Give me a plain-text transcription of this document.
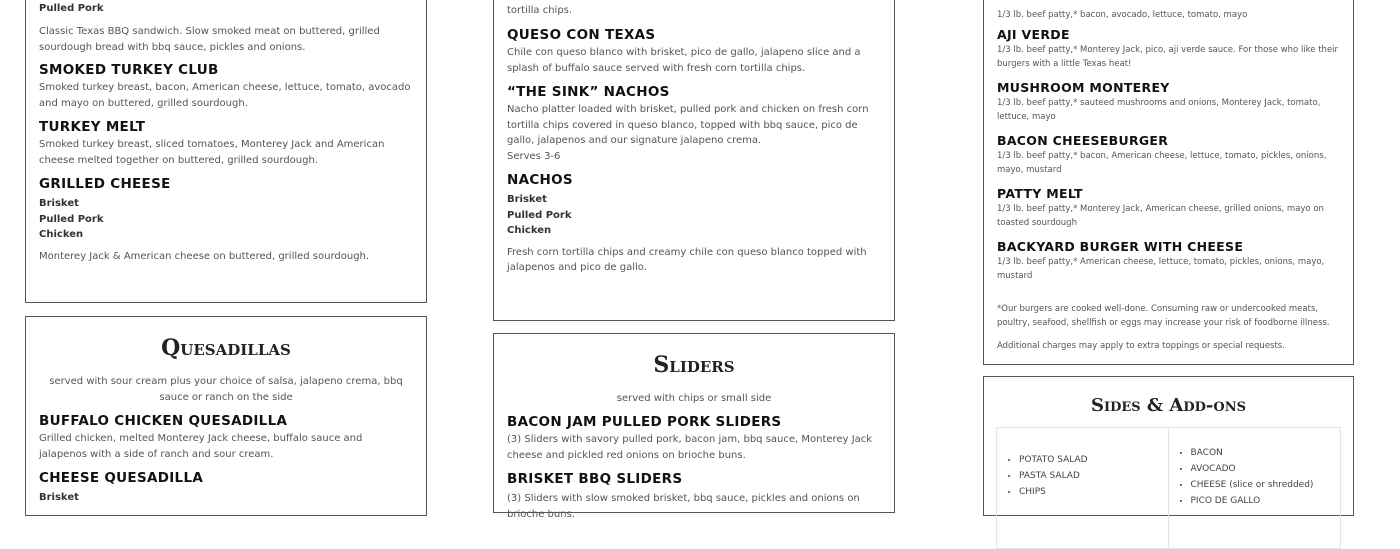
Pulled Pork

Classic Texas BBQ sandwich. Slow smoked meat on buttered, grilled sourdough bread with bbq sauce, pickles and onions.

SMOKED TURKEY CLUB

Smoked turkey breast, bacon, American cheese, lettuce, tomato, avocado and mayo on buttered, grilled sourdough.

TURKEY MELT

Smoked turkey breast, sliced tomatoes, Monterey Jack and American cheese melted together on buttered, grilled sourdough.

GRILLED CHEESE

Brisket

Pulled Pork

Chicken

Monterey Jack & American cheese on buttered, grilled sourdough.

Quesadillas

served with sour cream plus your choice of salsa, jalapeno crema, bbq sauce or ranch on the side

BUFFALO CHICKEN QUESADILLA

Grilled chicken, melted Monterey Jack cheese, buffalo sauce and jalapenos with a side of ranch and sour cream.

CHEESE QUESADILLA

Brisket

tortilla chips.

QUESO CON TEXAS

Chile con queso blanco with brisket, pico de gallo, jalapeno slice and a splash of buffalo sauce served with fresh corn tortilla chips.

“THE SINK” NACHOS

Nacho platter loaded with brisket, pulled pork and chicken on fresh corn tortilla chips covered in queso blanco, topped with bbq sauce, pico de gallo, jalapenos and our signature jalapeno crema.

Serves 3-6

NACHOS

Brisket

Pulled Pork

Chicken

Fresh corn tortilla chips and creamy chile con queso blanco topped with jalapenos and pico de gallo.

Sliders

served with chips or small side

BACON JAM PULLED PORK SLIDERS

(3) Sliders with savory pulled pork, bacon jam, bbq sauce, Monterey Jack cheese and pickled red onions on brioche buns.

BRISKET BBQ SLIDERS

(3) Sliders with slow smoked brisket, bbq sauce, pickles and onions on brioche buns.

1/3 lb. beef patty,* bacon, avocado, lettuce, tomato, mayo

AJI VERDE

1/3 lb. beef patty,* Monterey Jack, pico, aji verde sauce. For those who like their burgers with a little Texas heat!

MUSHROOM MONTEREY

1/3 lb. beef patty,* sauteed mushrooms and onions, Monterey Jack, tomato, lettuce, mayo

BACON CHEESEBURGER

1/3 lb. beef patty,* bacon, American cheese, lettuce, tomato, pickles, onions, mayo, mustard

PATTY MELT

1/3 lb. beef patty,* Monterey Jack, American cheese, grilled onions, mayo on toasted sourdough

BACKYARD BURGER WITH CHEESE

1/3 lb. beef patty,* American cheese, lettuce, tomato, pickles, onions, mayo, mustard

*Our burgers are cooked well-done. Consuming raw or undercooked meats, poultry, seafood, shellfish or eggs may increase your risk of foodborne illness.

Additional charges may apply to extra toppings or special requests.

Sides & Add-ons

• POTATO SALAD
• PASTA SALAD
• CHIPS
• BACON
• AVOCADO
• CHEESE (slice or shredded)
• PICO DE GALLO
